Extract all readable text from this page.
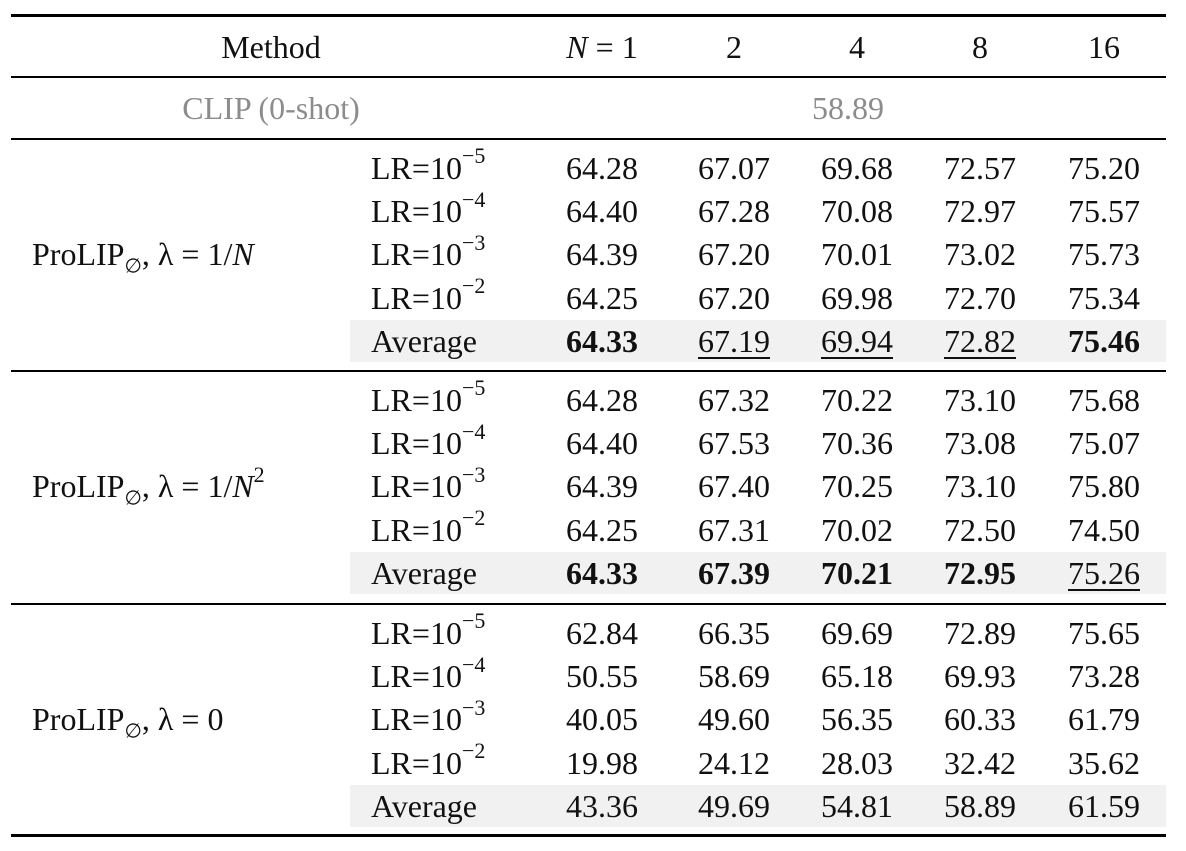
Method	N = 1	2	4	8	16
CLIP (0-shot)	58.89
ProLIP$_\emptyset$, λ = 1/N
$LR=10^{-5}$	64.28 67.07 69.68 72.57 75.20
$LR=10^{-4}$	64.40 67.28 70.08 72.97 75.57
$LR=10^{-3}$	64.39 67.20 70.01 73.02 75.73
$LR=10^{-2}$	64.25 67.20 69.98 72.70 75.34
Average	64.33 67.19 69.94 72.82 75.46
ProLIP$_\emptyset$, $\lambda = 1/N^2$
$LR=10^{-5}$	64.28 67.32 70.22 73.10 75.68
$LR=10^{-4}$	64.40 67.53 70.36 73.08 75.07
$LR=10^{-3}$	64.39 67.40 70.25 73.10 75.80
$LR=10^{-2}$	64.25 67.31 70.02 72.50 74.50
Average	64.33 67.39 70.21 72.95 75.26
ProLIP$_\emptyset$, λ = 0
$LR=10^{-5}$	62.84 66.35 69.69 72.89 75.65
$LR=10^{-4}$	50.55 58.69 65.18 69.93 73.28
$LR=10^{-3}$	40.05 49.60 56.35 60.33 61.79
$LR=10^{-2}$	19.98 24.12 28.03 32.42 35.62
Average	43.36 49.69 54.81 58.89 61.59
